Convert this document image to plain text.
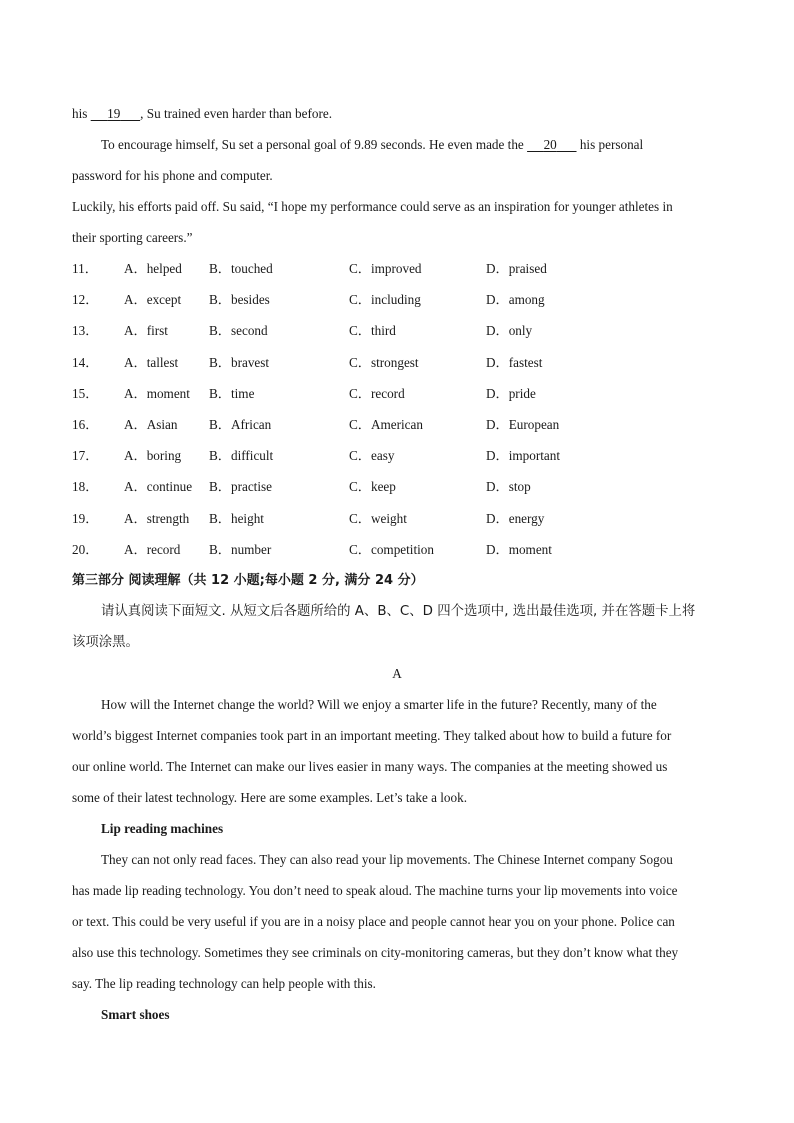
his      19 , Su trained even harder than before.
To encourage himself, Su set a personal goal of 9.89 seconds. He even made the      20       his personal
password for his phone and computer.
Luckily, his efforts paid off. Su said, “I hope my performance could serve as an inspiration for younger athletes in
their sporting careers.”
11． A．helped B．touched	C．improved	D．praised
12． A．except B．besides	C．including	D．among
13． A．first	B．second	C．third	D．only
14． A．tallest B．bravest	C．strongest	D．fastest
15． A．moment B．time	C．record	D．pride
16． A．Asian B．African	C．American	D．European
17． A．boring B．difficult	C．easy	D．important
18． A．continue B．practise	C．keep	D．stop
19． A．strength B．height	C．weight	D．energy
20． A．record B．number	C．competition	D．moment
第三部分 阅读理解（共 12 小题;每小题 2 分, 满分 24 分）
请认真阅读下面短文. 从短文后各题所给的 A、B、C、D 四个选项中, 选出最佳选项, 并在答题卡上将
该项涂黑。
A
How will the Internet change the world? Will we enjoy a smarter life in the future? Recently, many of the
world’s biggest Internet companies took part in an important meeting. They talked about how to build a future for
our online world. The Internet can make our lives easier in many ways. The companies at the meeting showed us
some of their latest technology. Here are some examples. Let’s take a look.
Lip reading machines
They can not only read faces. They can also read your lip movements. The Chinese Internet company Sogou
has made lip reading technology. You don’t need to speak aloud. The machine turns your lip movements into voice
or text. This could be very useful if you are in a noisy place and people cannot hear you on your phone. Police can
also use this technology. Sometimes they see criminals on city-monitoring cameras, but they don’t know what they
say. The lip reading technology can help people with this.
Smart shoes
